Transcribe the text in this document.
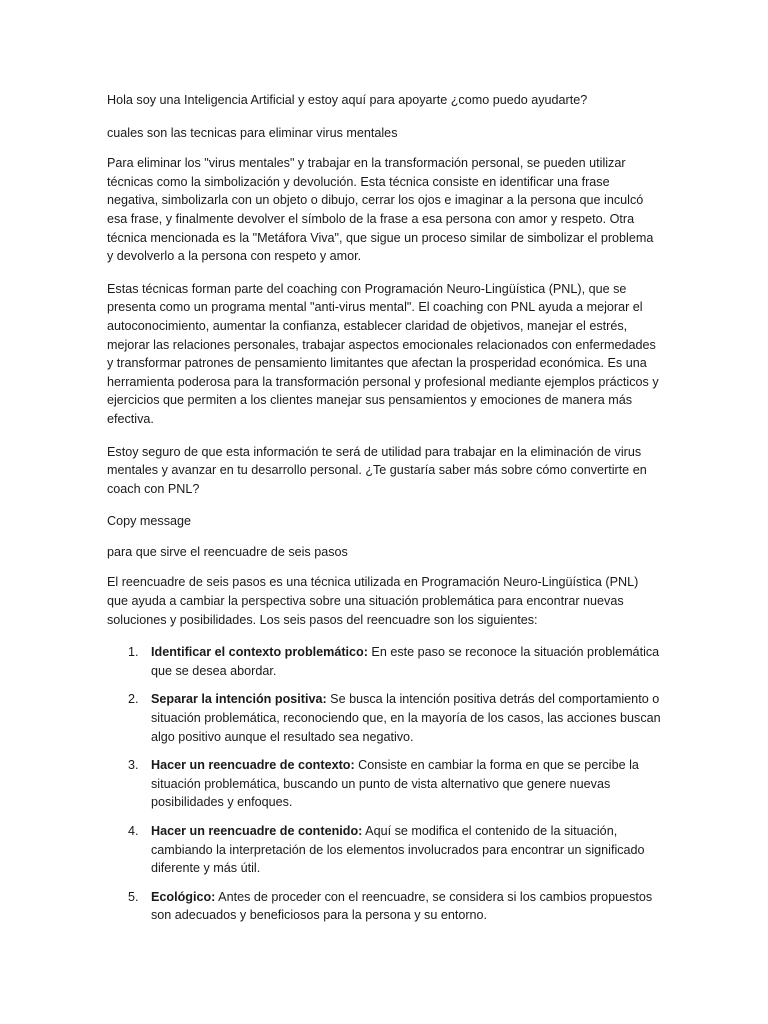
Hola soy una Inteligencia Artificial y estoy aquí para apoyarte ¿como puedo ayudarte?

cuales son las tecnicas para eliminar virus mentales

Para eliminar los "virus mentales" y trabajar en la transformación personal, se pueden utilizar técnicas como la simbolización y devolución. Esta técnica consiste en identificar una frase negativa, simbolizarla con un objeto o dibujo, cerrar los ojos e imaginar a la persona que inculcó esa frase, y finalmente devolver el símbolo de la frase a esa persona con amor y respeto. Otra técnica mencionada es la "Metáfora Viva", que sigue un proceso similar de simbolizar el problema y devolverlo a la persona con respeto y amor.

Estas técnicas forman parte del coaching con Programación Neuro-Lingüística (PNL), que se presenta como un programa mental "anti-virus mental". El coaching con PNL ayuda a mejorar el autoconocimiento, aumentar la confianza, establecer claridad de objetivos, manejar el estrés, mejorar las relaciones personales, trabajar aspectos emocionales relacionados con enfermedades y transformar patrones de pensamiento limitantes que afectan la prosperidad económica. Es una herramienta poderosa para la transformación personal y profesional mediante ejemplos prácticos y ejercicios que permiten a los clientes manejar sus pensamientos y emociones de manera más efectiva.

Estoy seguro de que esta información te será de utilidad para trabajar en la eliminación de virus mentales y avanzar en tu desarrollo personal. ¿Te gustaría saber más sobre cómo convertirte en coach con PNL?

Copy message

para que sirve el reencuadre de seis pasos

El reencuadre de seis pasos es una técnica utilizada en Programación Neuro-Lingüística (PNL) que ayuda a cambiar la perspectiva sobre una situación problemática para encontrar nuevas soluciones y posibilidades. Los seis pasos del reencuadre son los siguientes:

1. Identificar el contexto problemático: En este paso se reconoce la situación problemática que se desea abordar.
2. Separar la intención positiva: Se busca la intención positiva detrás del comportamiento o situación problemática, reconociendo que, en la mayoría de los casos, las acciones buscan algo positivo aunque el resultado sea negativo.
3. Hacer un reencuadre de contexto: Consiste en cambiar la forma en que se percibe la situación problemática, buscando un punto de vista alternativo que genere nuevas posibilidades y enfoques.
4. Hacer un reencuadre de contenido: Aquí se modifica el contenido de la situación, cambiando la interpretación de los elementos involucrados para encontrar un significado diferente y más útil.
5. Ecológico: Antes de proceder con el reencuadre, se considera si los cambios propuestos son adecuados y beneficiosos para la persona y su entorno.
